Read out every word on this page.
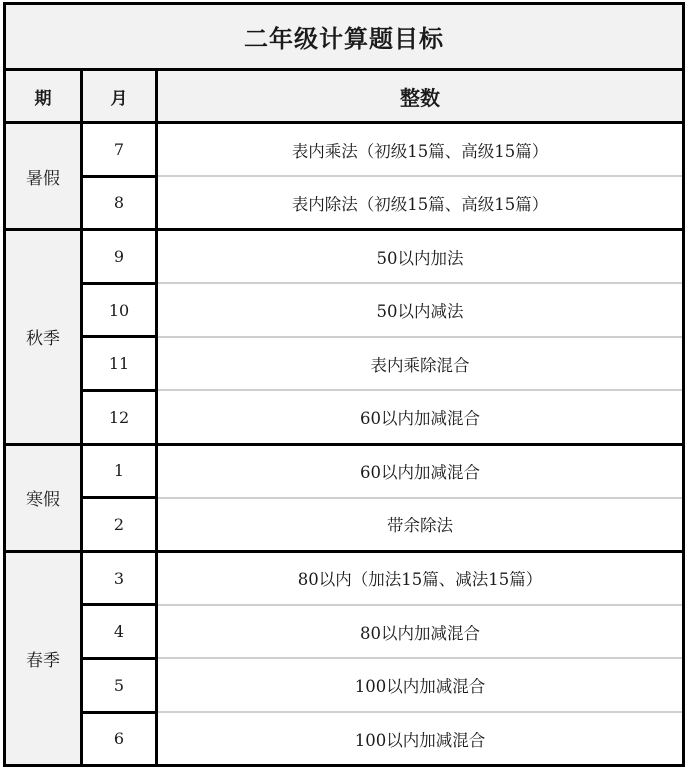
二年级计算题目标		
期	月	整数
暑假	7	表内乘法（初级15篇、高级15篇）
	8	表内除法（初级15篇、高级15篇）
秋季	9	50以内加法
	10	50以内减法
	11	表内乘除混合
	12	60以内加减混合
寒假	1	60以内加减混合
	2	带余除法
春季	3	80以内（加法15篇、减法15篇）
	4	80以内加减混合
	5	100以内加减混合
	6	100以内加减混合
